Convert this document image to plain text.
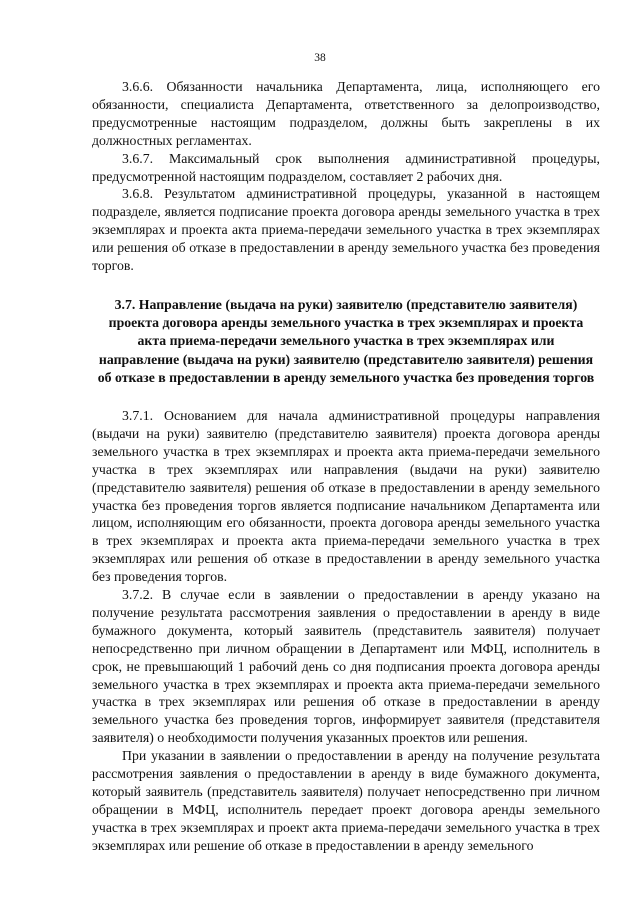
38

3.6.6. Обязанности начальника Департамента, лица, исполняющего его обязанности, специалиста Департамента, ответственного за делопроизводство, предусмотренные настоящим подразделом, должны быть закреплены в их должностных регламентах.

3.6.7. Максимальный срок выполнения административной процедуры, предусмотренной настоящим подразделом, составляет 2 рабочих дня.

3.6.8. Результатом административной процедуры, указанной в настоящем подразделе, является подписание проекта договора аренды земельного участка в трех экземплярах и проекта акта приема-передачи земельного участка в трех экземплярах или решения об отказе в предоставлении в аренду земельного участка без проведения торгов.

3.7. Направление (выдача на руки) заявителю (представителю заявителя) проекта договора аренды земельного участка в трех экземплярах и проекта акта приема-передачи земельного участка в трех экземплярах или направление (выдача на руки) заявителю (представителю заявителя) решения об отказе в предоставлении в аренду земельного участка без проведения торгов

3.7.1. Основанием для начала административной процедуры направления (выдачи на руки) заявителю (представителю заявителя) проекта договора аренды земельного участка в трех экземплярах и проекта акта приема-передачи земельного участка в трех экземплярах или направления (выдачи на руки) заявителю (представителю заявителя) решения об отказе в предоставлении в аренду земельного участка без проведения торгов является подписание начальником Департамента или лицом, исполняющим его обязанности, проекта договора аренды земельного участка в трех экземплярах и проекта акта приема-передачи земельного участка в трех экземплярах или решения об отказе в предоставлении в аренду земельного участка без проведения торгов.

3.7.2. В случае если в заявлении о предоставлении в аренду указано на получение результата рассмотрения заявления о предоставлении в аренду в виде бумажного документа, который заявитель (представитель заявителя) получает непосредственно при личном обращении в Департамент или МФЦ, исполнитель в срок, не превышающий 1 рабочий день со дня подписания проекта договора аренды земельного участка в трех экземплярах и проекта акта приема-передачи земельного участка в трех экземплярах или решения об отказе в предоставлении в аренду земельного участка без проведения торгов, информирует заявителя (представителя заявителя) о необходимости получения указанных проектов или решения.

При указании в заявлении о предоставлении в аренду на получение результата рассмотрения заявления о предоставлении в аренду в виде бумажного документа, который заявитель (представитель заявителя) получает непосредственно при личном обращении в МФЦ, исполнитель передает проект договора аренды земельного участка в трех экземплярах и проект акта приема-передачи земельного участка в трех экземплярах или решение об отказе в предоставлении в аренду земельного
